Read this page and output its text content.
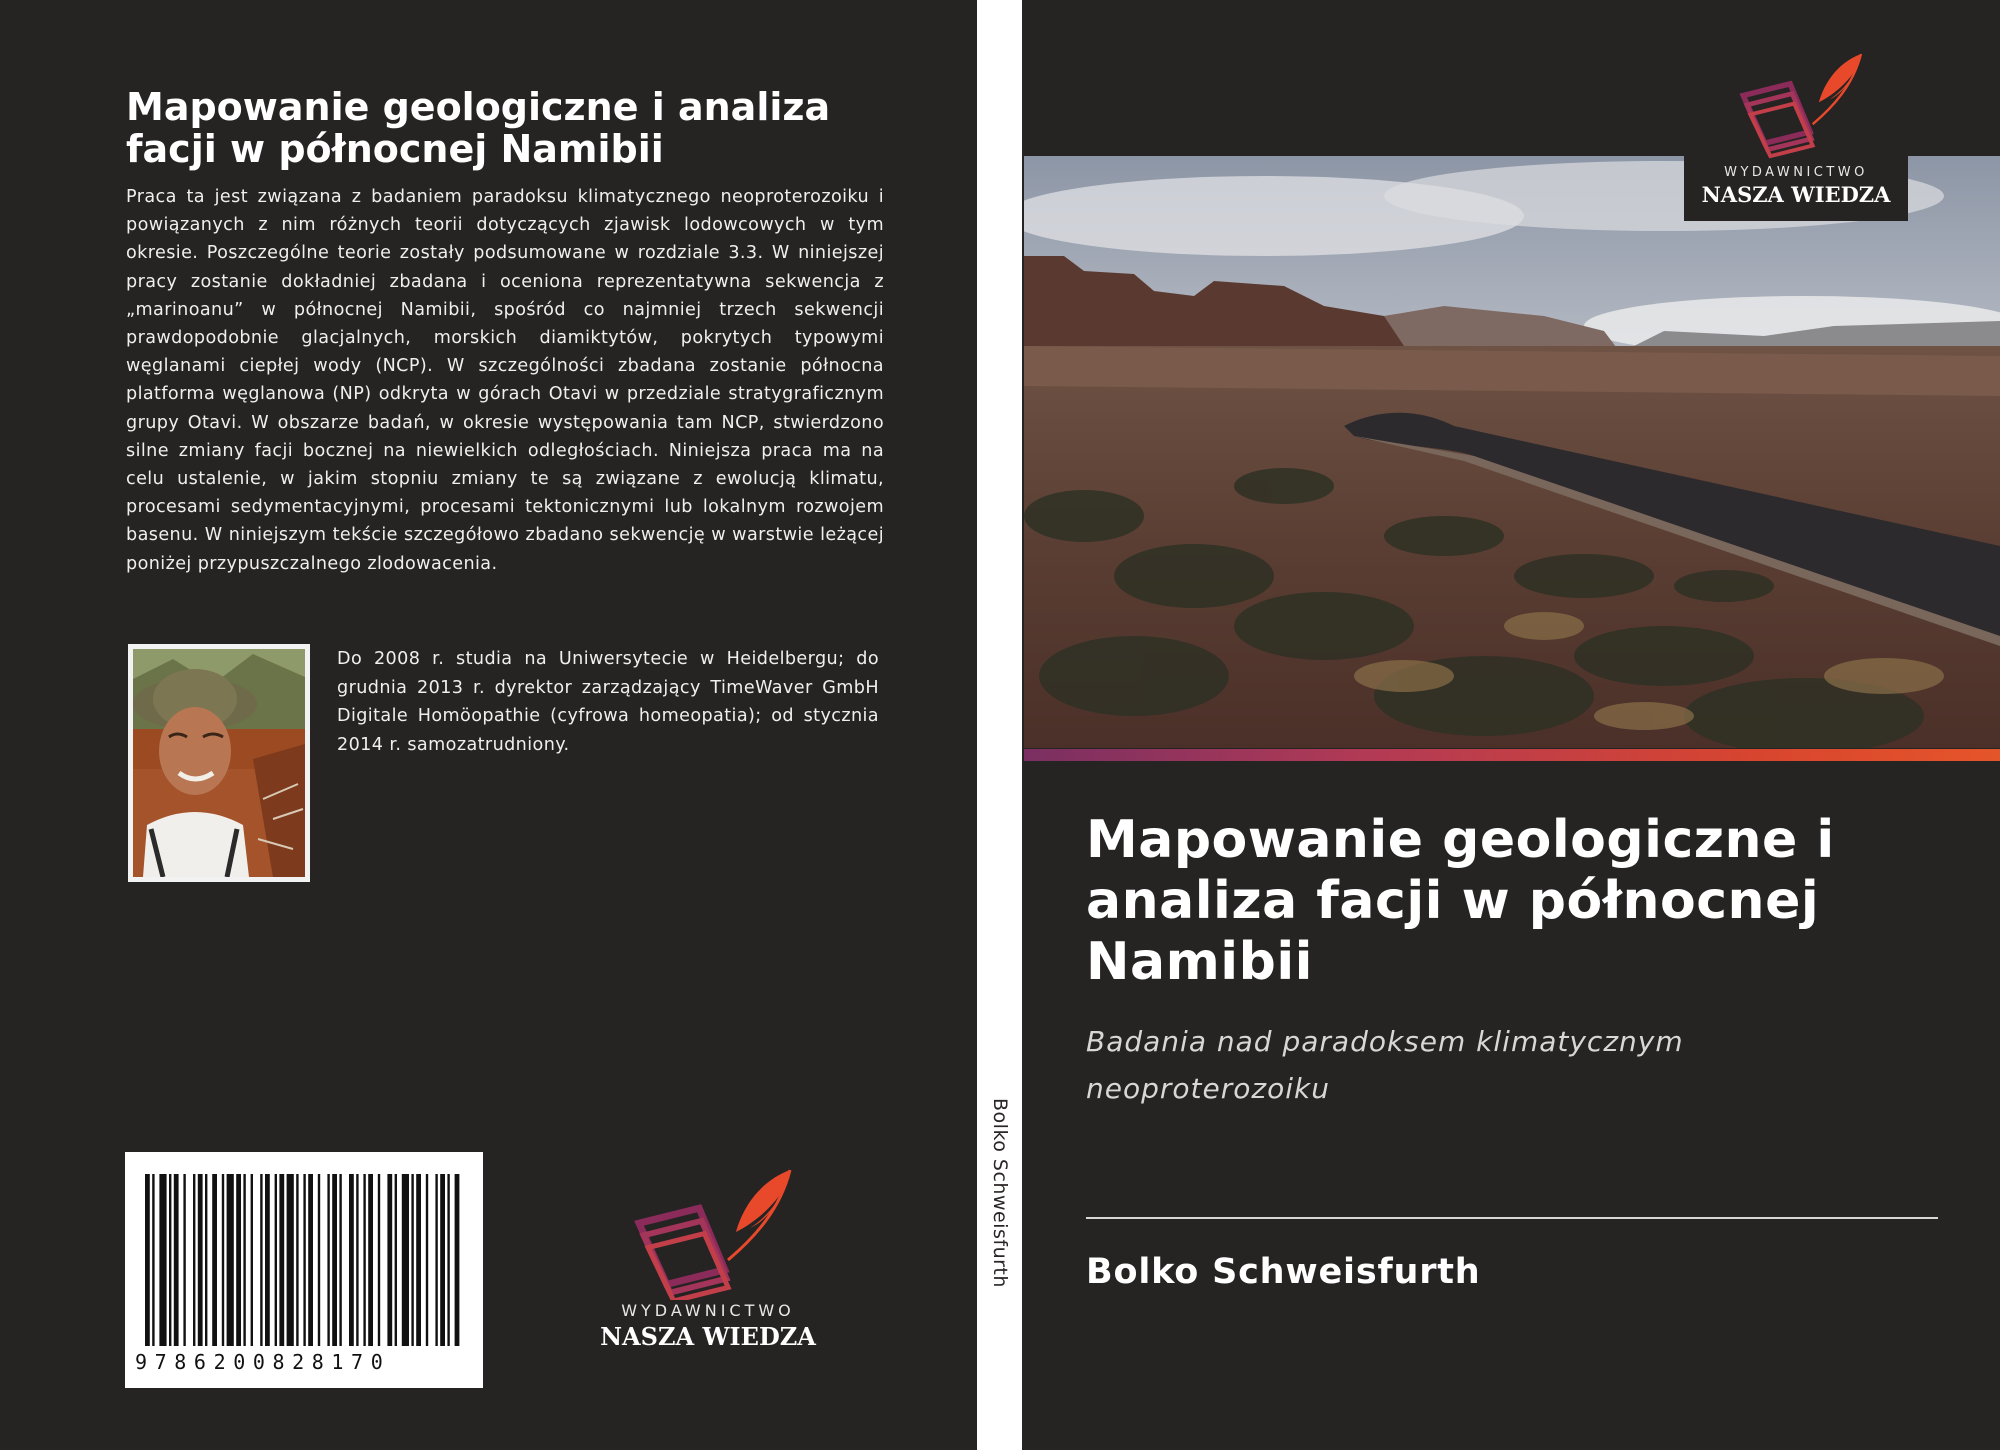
Mapowanie geologiczne i analiza facji w północnej Namibii
Praca ta jest związana z badaniem paradoksu klimatycznego neoproterozoiku i powiązanych z nim różnych teorii dotyczących zjawisk lodowcowych w tym okresie. Poszczególne teorie zostały podsumowane w rozdziale 3.3. W niniejszej pracy zostanie dokładniej zbadana i oceniona reprezentatywna sekwencja z „marinoanu” w północnej Namibii, spośród co najmniej trzech sekwencji prawdopodobnie glacjalnych, morskich diamiktytów, pokrytych typowymi węglanami ciepłej wody (NCP). W szczególności zbadana zostanie północna platforma węglanowa (NP) odkryta w górach Otavi w przedziale stratygraficznym grupy Otavi. W obszarze badań, w okresie występowania tam NCP, stwierdzono silne zmiany facji bocznej na niewielkich odległościach. Niniejsza praca ma na celu ustalenie, w jakim stopniu zmiany te są związane z ewolucją klimatu, procesami sedymentacyjnymi, procesami tektonicznymi lub lokalnym rozwojem basenu. W niniejszym tekście szczegółowo zbadano sekwencję w warstwie leżącej poniżej przypuszczalnego zlodowacenia.
Do 2008 r. studia na Uniwersytecie w Heidelbergu; do grudnia 2013 r. dyrektor zarządzający TimeWaver GmbH Digitale Homöopathie (cyfrowa homeopatia); od stycznia 2014 r. samozatrudniony.
9786200828170
WYDAWNICTWO
NASZA WIEDZA
Bolko Schweisfurth
WYDAWNICTWO
NASZA WIEDZA
Mapowanie geologiczne i analiza facji w północnej Namibii
Badania nad paradoksem klimatycznym neoproterozoiku
Bolko Schweisfurth
